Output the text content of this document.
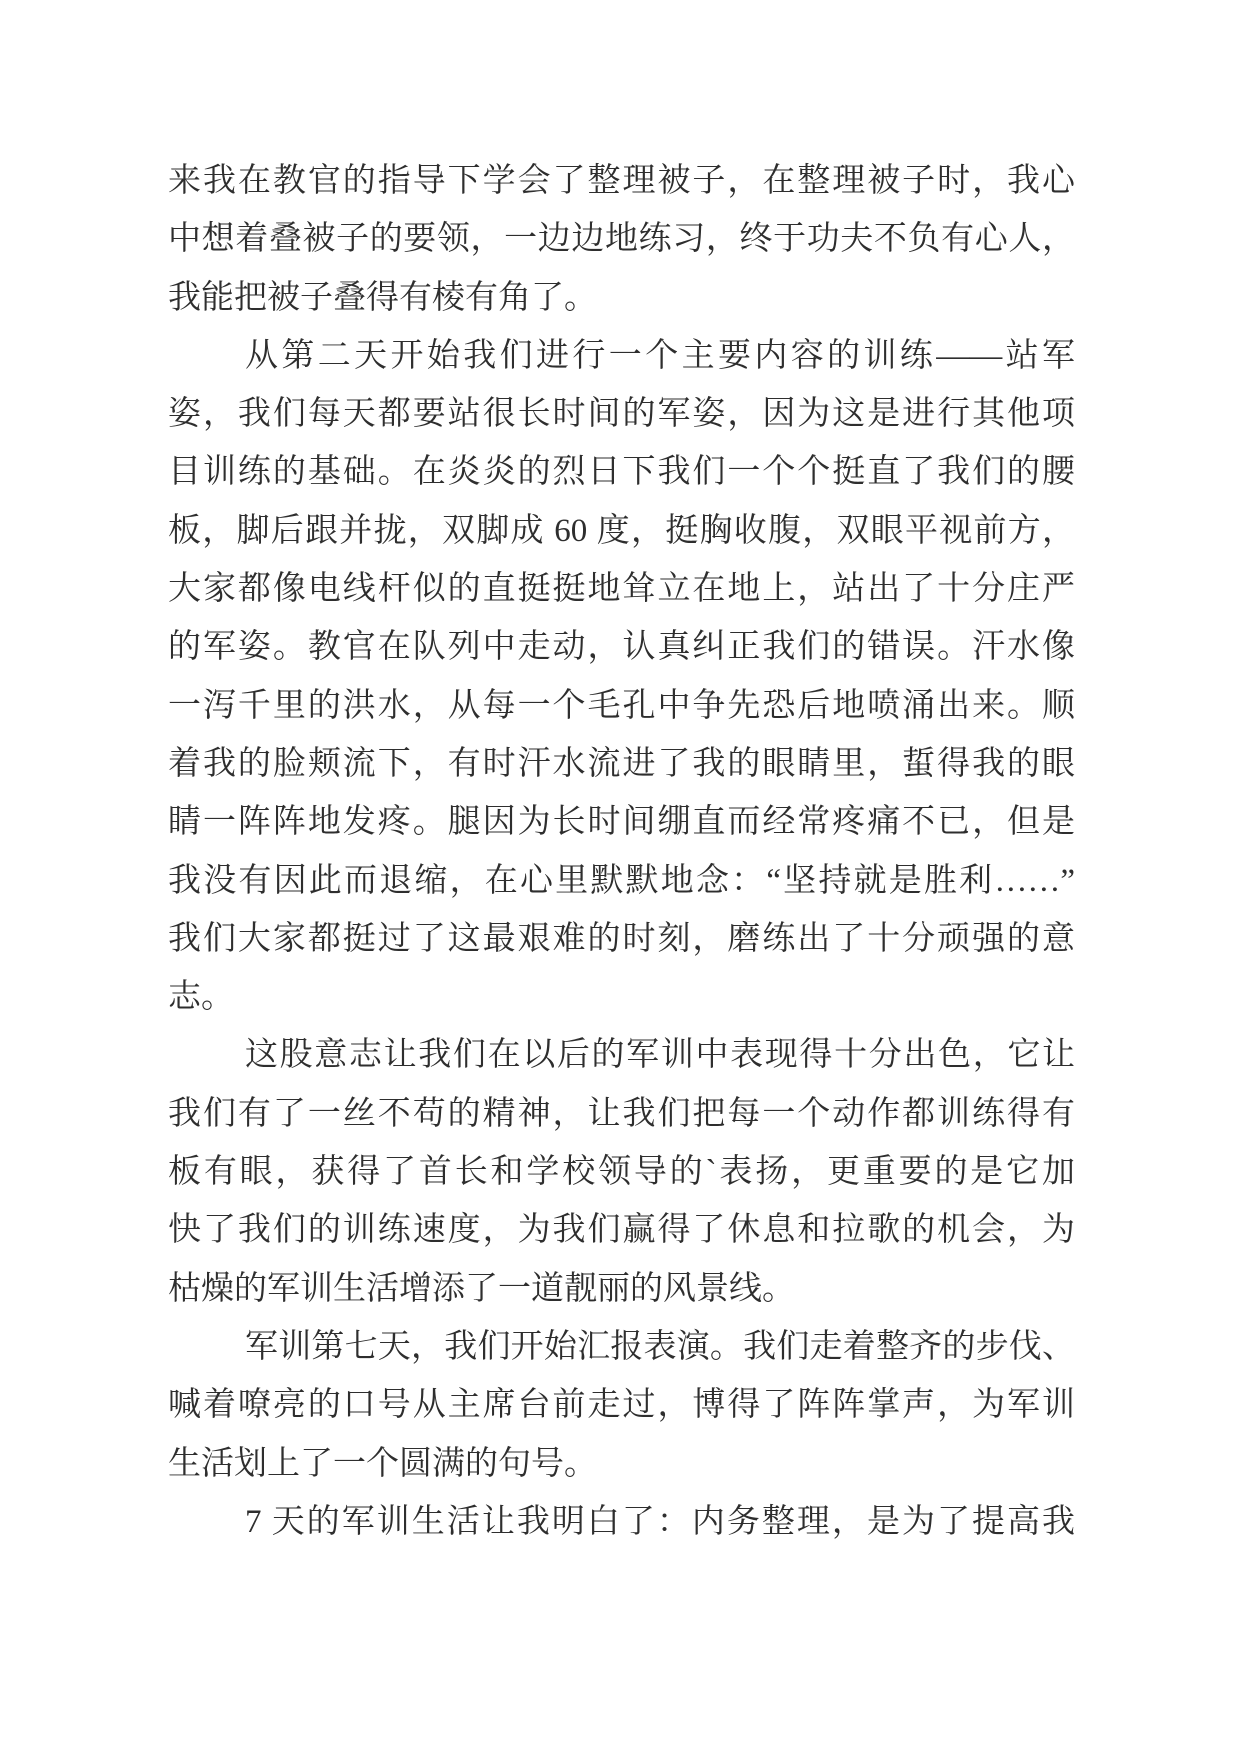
来我在教官的指导下学会了整理被子，在整理被子时，我心
中想着叠被子的要领，一边边地练习，终于功夫不负有心人，
我能把被子叠得有棱有角了。
从第二天开始我们进行一个主要内容的训练——站军
姿，我们每天都要站很长时间的军姿，因为这是进行其他项
目训练的基础。在炎炎的烈日下我们一个个挺直了我们的腰
板，脚后跟并拢，双脚成 60 度，挺胸收腹，双眼平视前方，
大家都像电线杆似的直挺挺地耸立在地上，站出了十分庄严
的军姿。教官在队列中走动，认真纠正我们的错误。汗水像
一泻千里的洪水，从每一个毛孔中争先恐后地喷涌出来。顺
着我的脸颊流下，有时汗水流进了我的眼睛里，蜇得我的眼
睛一阵阵地发疼。腿因为长时间绷直而经常疼痛不已，但是
我没有因此而退缩，在心里默默地念：“坚持就是胜利……”
我们大家都挺过了这最艰难的时刻，磨练出了十分顽强的意
志。
这股意志让我们在以后的军训中表现得十分出色，它让
我们有了一丝不苟的精神，让我们把每一个动作都训练得有
板有眼，获得了首长和学校领导的`表扬，更重要的是它加
快了我们的训练速度，为我们赢得了休息和拉歌的机会，为
枯燥的军训生活增添了一道靓丽的风景线。
军训第七天，我们开始汇报表演。我们走着整齐的步伐、
喊着嘹亮的口号从主席台前走过，博得了阵阵掌声，为军训
生活划上了一个圆满的句号。
7 天的军训生活让我明白了：内务整理，是为了提高我
